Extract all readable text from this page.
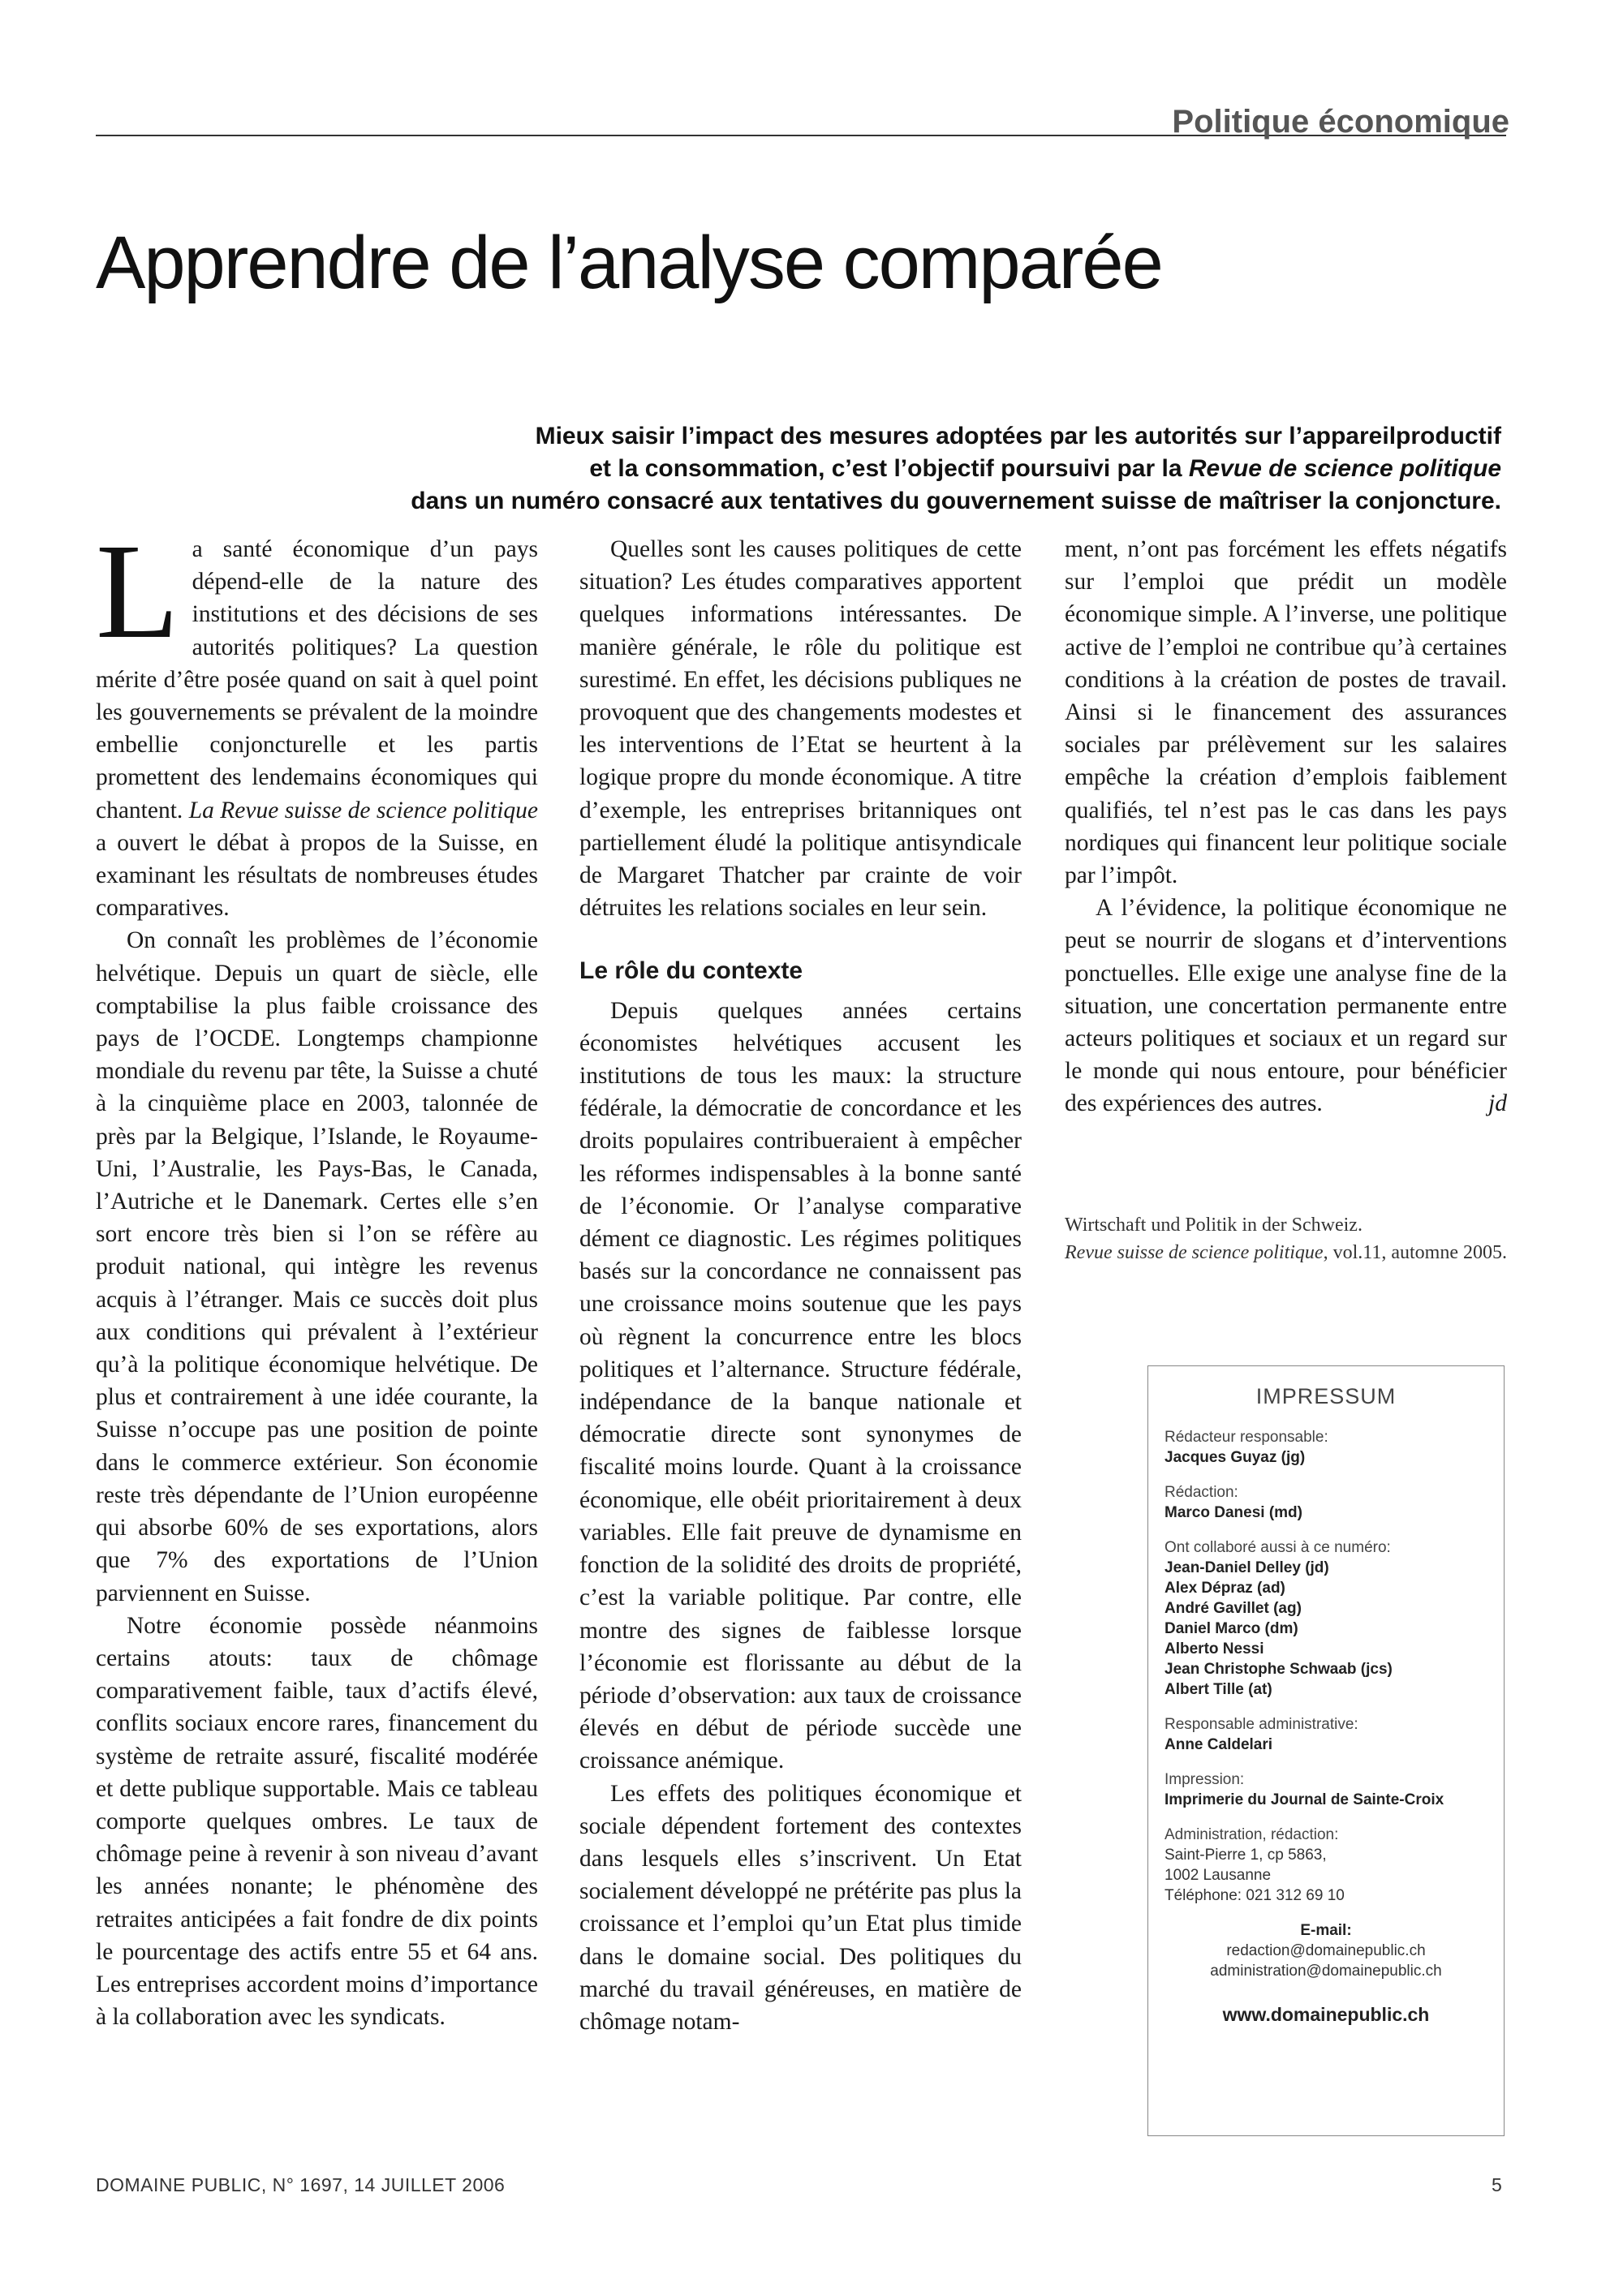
Politique économique
Apprendre de l’analyse comparée

Mieux saisir l’impact des mesures adoptées par les autorités sur l’appareilproductif

et la consommation, c’est l’objectif poursuivi par la Revue de science politique

dans un numéro consacré aux tentatives du gouvernement suisse de maîtriser la conjoncture.

La santé économique d’un pays dépend-elle de la nature des institutions et des décisions de ses autorités politiques? La question mérite d’être posée quand on sait à quel point les gouvernements se prévalent de la moindre embellie conjoncturelle et les partis promettent des lendemains économiques qui chantent. La Revue suisse de science politique a ouvert le débat à propos de la Suisse, en examinant les résultats de nombreuses études comparatives.

On connaît les problèmes de l’économie helvétique. Depuis un quart de siècle, elle comptabilise la plus faible croissance des pays de l’OCDE. Longtemps championne mondiale du revenu par tête, la Suisse a chuté à la cinquième place en 2003, talonnée de près par la Belgique, l’Islande, le Royaume-Uni, l’Australie, les Pays-Bas, le Canada, l’Autriche et le Danemark. Certes elle s’en sort encore très bien si l’on se réfère au produit national, qui intègre les revenus acquis à l’étranger. Mais ce succès doit plus aux conditions qui prévalent à l’extérieur qu’à la politique économique helvétique. De plus et contrairement à une idée courante, la Suisse n’occupe pas une position de pointe dans le commerce extérieur. Son économie reste très dépendante de l’Union européenne qui absorbe 60% de ses exportations, alors que 7% des exportations de l’Union parviennent en Suisse.

Notre économie possède néanmoins certains atouts: taux de chômage comparativement faible, taux d’actifs élevé, conflits sociaux encore rares, financement du système de retraite assuré, fiscalité modérée et dette publique supportable. Mais ce tableau comporte quelques ombres. Le taux de chômage peine à revenir à son niveau d’avant les années nonante; le phénomène des retraites anticipées a fait fondre de dix points le pourcentage des actifs entre 55 et 64 ans. Les entreprises accordent moins d’importance à la collaboration avec les syndicats.

Quelles sont les causes politiques de cette situation? Les études comparatives apportent quelques informations intéressantes. De manière générale, le rôle du politique est surestimé. En effet, les décisions publiques ne provoquent que des changements modestes et les interventions de l’Etat se heurtent à la logique propre du monde économique. A titre d’exemple, les entreprises britanniques ont partiellement éludé la politique antisyndicale de Margaret Thatcher par crainte de voir détruites les relations sociales en leur sein.

Le rôle du contexte

Depuis quelques années certains économistes helvétiques accusent les institutions de tous les maux: la structure fédérale, la démocratie de concordance et les droits populaires contribueraient à empêcher les réformes indispensables à la bonne santé de l’économie. Or l’analyse comparative dément ce diagnostic. Les régimes politiques basés sur la concordance ne connaissent pas une croissance moins soutenue que les pays où règnent la concurrence entre les blocs politiques et l’alternance. Structure fédérale, indépendance de la banque nationale et démocratie directe sont synonymes de fiscalité moins lourde. Quant à la croissance économique, elle obéit prioritairement à deux variables. Elle fait preuve de dynamisme en fonction de la solidité des droits de propriété, c’est la variable politique. Par contre, elle montre des signes de faiblesse lorsque l’économie est florissante au début de la période d’observation: aux taux de croissance élevés en début de période succède une croissance anémique.

Les effets des politiques économique et sociale dépendent fortement des contextes dans lesquels elles s’inscrivent. Un Etat socialement développé ne prétérite pas plus la croissance et l’emploi qu’un Etat plus timide dans le domaine social. Des politiques du marché du travail généreuses, en matière de chômage notam-

ment, n’ont pas forcément les effets négatifs sur l’emploi que prédit un modèle économique simple. A l’inverse, une politique active de l’emploi ne contribue qu’à certaines conditions à la création de postes de travail. Ainsi si le financement des assurances sociales par prélèvement sur les salaires empêche la création d’emplois faiblement qualifiés, tel n’est pas le cas dans les pays nordiques qui financent leur politique sociale par l’impôt.

A l’évidence, la politique économique ne peut se nourrir de slogans et d’interventions ponctuelles. Elle exige une analyse fine de la situation, une concertation permanente entre acteurs politiques et sociaux et un regard sur le monde qui nous entoure, pour bénéficier des expériences des autres.	jd

Wirtschaft und Politik in der Schweiz.
Revue suisse de science politique, vol.11, automne 2005.
IMPRESSUM
Rédacteur responsable:
Jacques Guyaz (jg)
Rédaction:
Marco Danesi (md)
Ont collaboré aussi à ce numéro:
Jean-Daniel Delley (jd)
Alex Dépraz (ad)
André Gavillet (ag)
Daniel Marco (dm)
Alberto Nessi
Jean Christophe Schwaab (jcs)
Albert Tille (at)
Responsable administrative:
Anne Caldelari
Impression:
Imprimerie du Journal de Sainte-Croix
Administration, rédaction:
Saint-Pierre 1, cp 5863,
1002 Lausanne
Téléphone: 021 312 69 10
E-mail:
redaction@domainepublic.ch
administration@domainepublic.ch
www.domainepublic.ch
DOMAINE PUBLIC, N° 1697, 14 JUILLET 2006	5
